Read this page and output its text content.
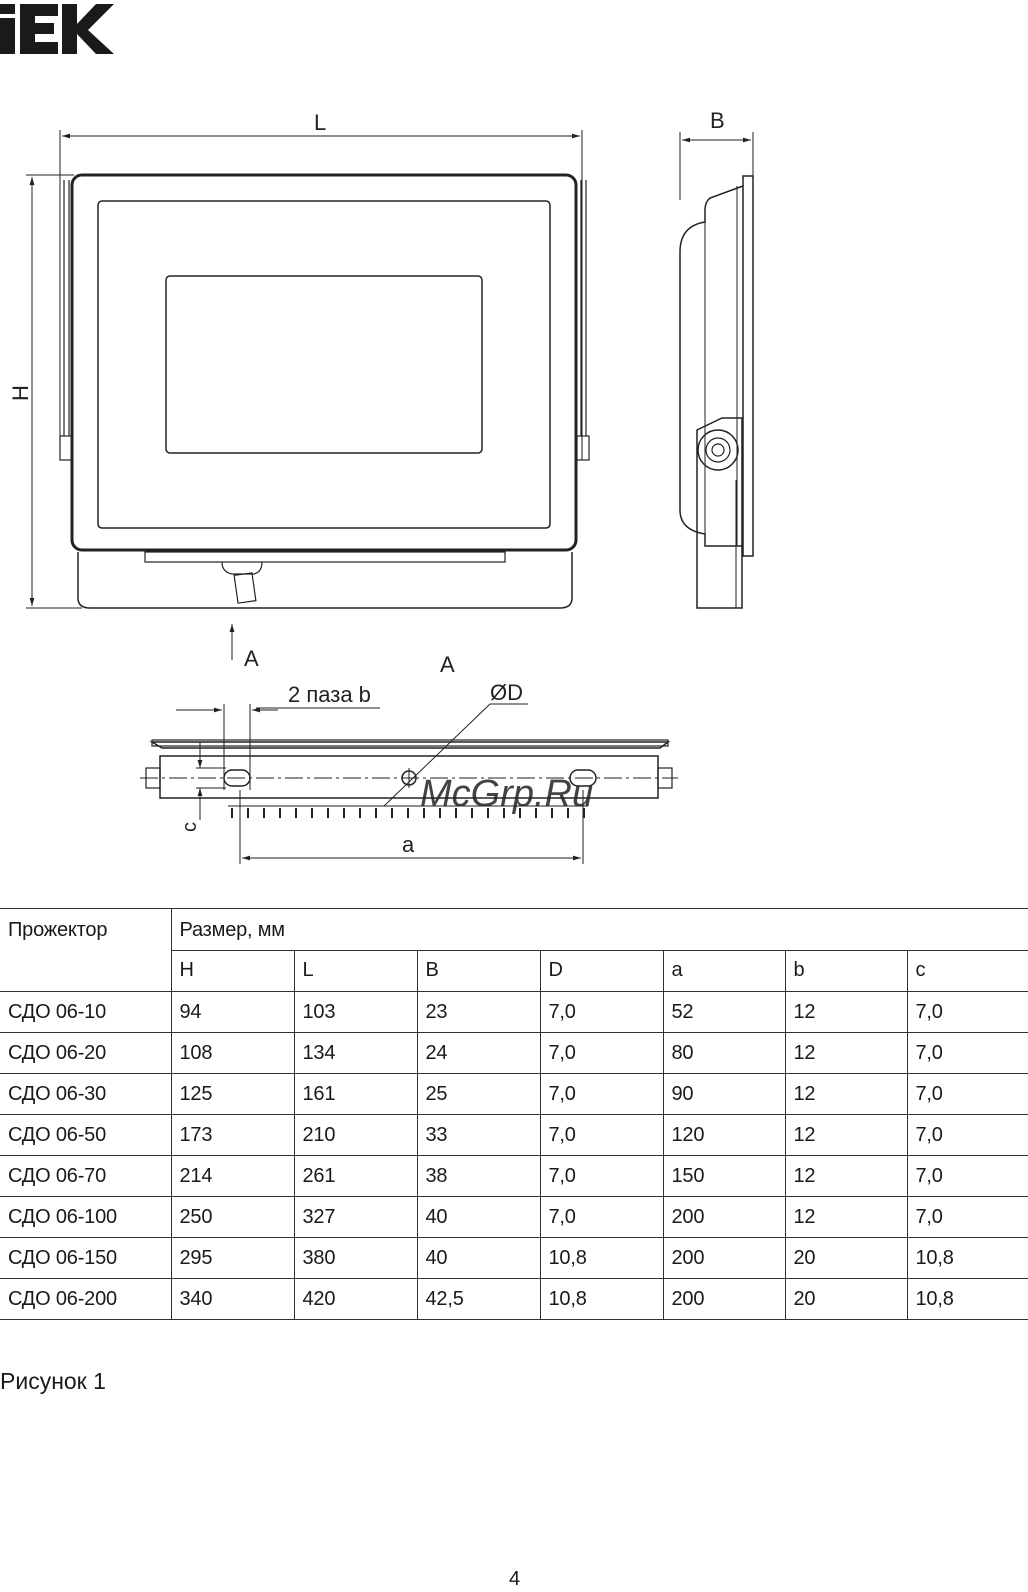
A
L
H
B
A
2 паза b	ØD
c
a
McGrp.Ru
Прожектор	Размер, мм						
	H	L	B	D	a	b	c
СДО 06-10	94	103	23	7,0	52	12	7,0
СДО 06-20	108	134	24	7,0	80	12	7,0
СДО 06-30	125	161	25	7,0	90	12	7,0
СДО 06-50	173	210	33	7,0	120	12	7,0
СДО 06-70	214	261	38	7,0	150	12	7,0
СДО 06-100	250	327	40	7,0	200	12	7,0
СДО 06-150	295	380	40	10,8	200	20	10,8
СДО 06-200	340	420	42,5	10,8	200	20	10,8
Рисунок 1
4
